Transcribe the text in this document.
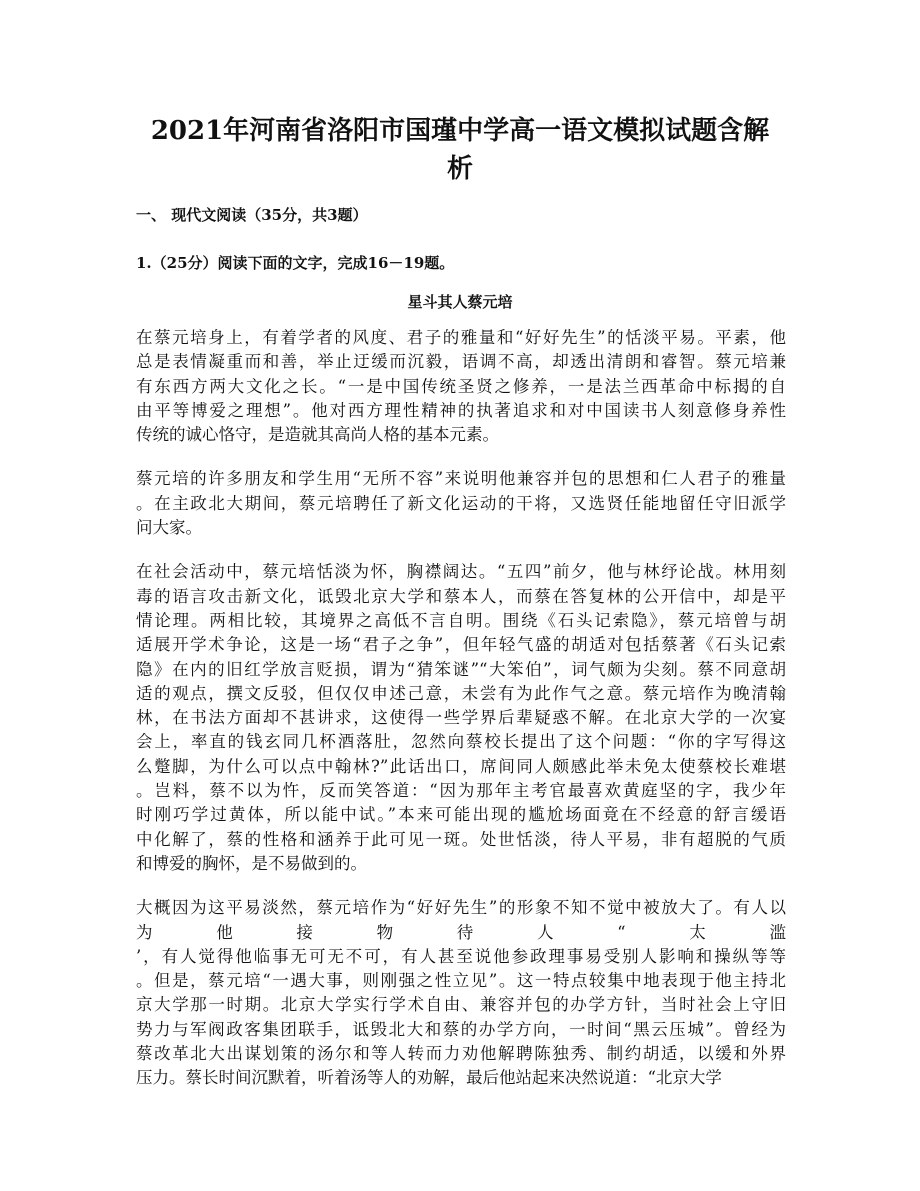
2021年河南省洛阳市国瑾中学高一语文模拟试题含解
析

一、 现代文阅读（35分，共3题）

1.（25分）阅读下面的文字，完成16－19题。

星斗其人蔡元培

在蔡元培身上，有着学者的风度、君子的雅量和“好好先生”的恬淡平易。平素，他
总是表情凝重而和善，举止迂缓而沉毅，语调不高，却透出清朗和睿智。蔡元培兼
有东西方两大文化之长。“一是中国传统圣贤之修养，一是法兰西革命中标揭的自
由平等博爱之理想”。他对西方理性精神的执著追求和对中国读书人刻意修身养性
传统的诚心恪守，是造就其高尚人格的基本元素。

蔡元培的许多朋友和学生用“无所不容”来说明他兼容并包的思想和仁人君子的雅量
。在主政北大期间，蔡元培聘任了新文化运动的干将，又选贤任能地留任守旧派学
问大家。

在社会活动中，蔡元培恬淡为怀，胸襟阔达。“五四”前夕，他与林纾论战。林用刻
毒的语言攻击新文化，诋毁北京大学和蔡本人，而蔡在答复林的公开信中，却是平
情论理。两相比较，其境界之高低不言自明。围绕《石头记索隐》，蔡元培曾与胡
适展开学术争论，这是一场“君子之争”，但年轻气盛的胡适对包括蔡著《石头记索
隐》在内的旧红学放言贬损，谓为“猜笨谜”“大笨伯”，词气颇为尖刻。蔡不同意胡
适的观点，撰文反驳，但仅仅申述己意，未尝有为此作气之意。蔡元培作为晚清翰
林，在书法方面却不甚讲求，这使得一些学界后辈疑惑不解。在北京大学的一次宴
会上，率直的钱玄同几杯酒落肚，忽然向蔡校长提出了这个问题：“你的字写得这
么蹩脚，为什么可以点中翰林?”此话出口，席间同人颇感此举未免太使蔡校长难堪
。岂料，蔡不以为忤，反而笑答道：“因为那年主考官最喜欢黄庭坚的字，我少年
时刚巧学过黄体，所以能中试。”本来可能出现的尴尬场面竟在不经意的舒言缓语
中化解了，蔡的性格和涵养于此可见一斑。处世恬淡，待人平易，非有超脱的气质
和博爱的胸怀，是不易做到的。

大概因为这平易淡然，蔡元培作为“好好先生”的形象不知不觉中被放大了。有人以
为他接物待人“太滥
’，有人觉得他临事无可无不可，有人甚至说他参政理事易受别人影响和操纵等等
。但是，蔡元培“一遇大事，则刚强之性立见”。这一特点较集中地表现于他主持北
京大学那一时期。北京大学实行学术自由、兼容并包的办学方针，当时社会上守旧
势力与军阀政客集团联手，诋毁北大和蔡的办学方向，一时间“黑云压城”。曾经为
蔡改革北大出谋划策的汤尔和等人转而力劝他解聘陈独秀、制约胡适，以缓和外界
压力。蔡长时间沉默着，听着汤等人的劝解，最后他站起来决然说道：“北京大学
